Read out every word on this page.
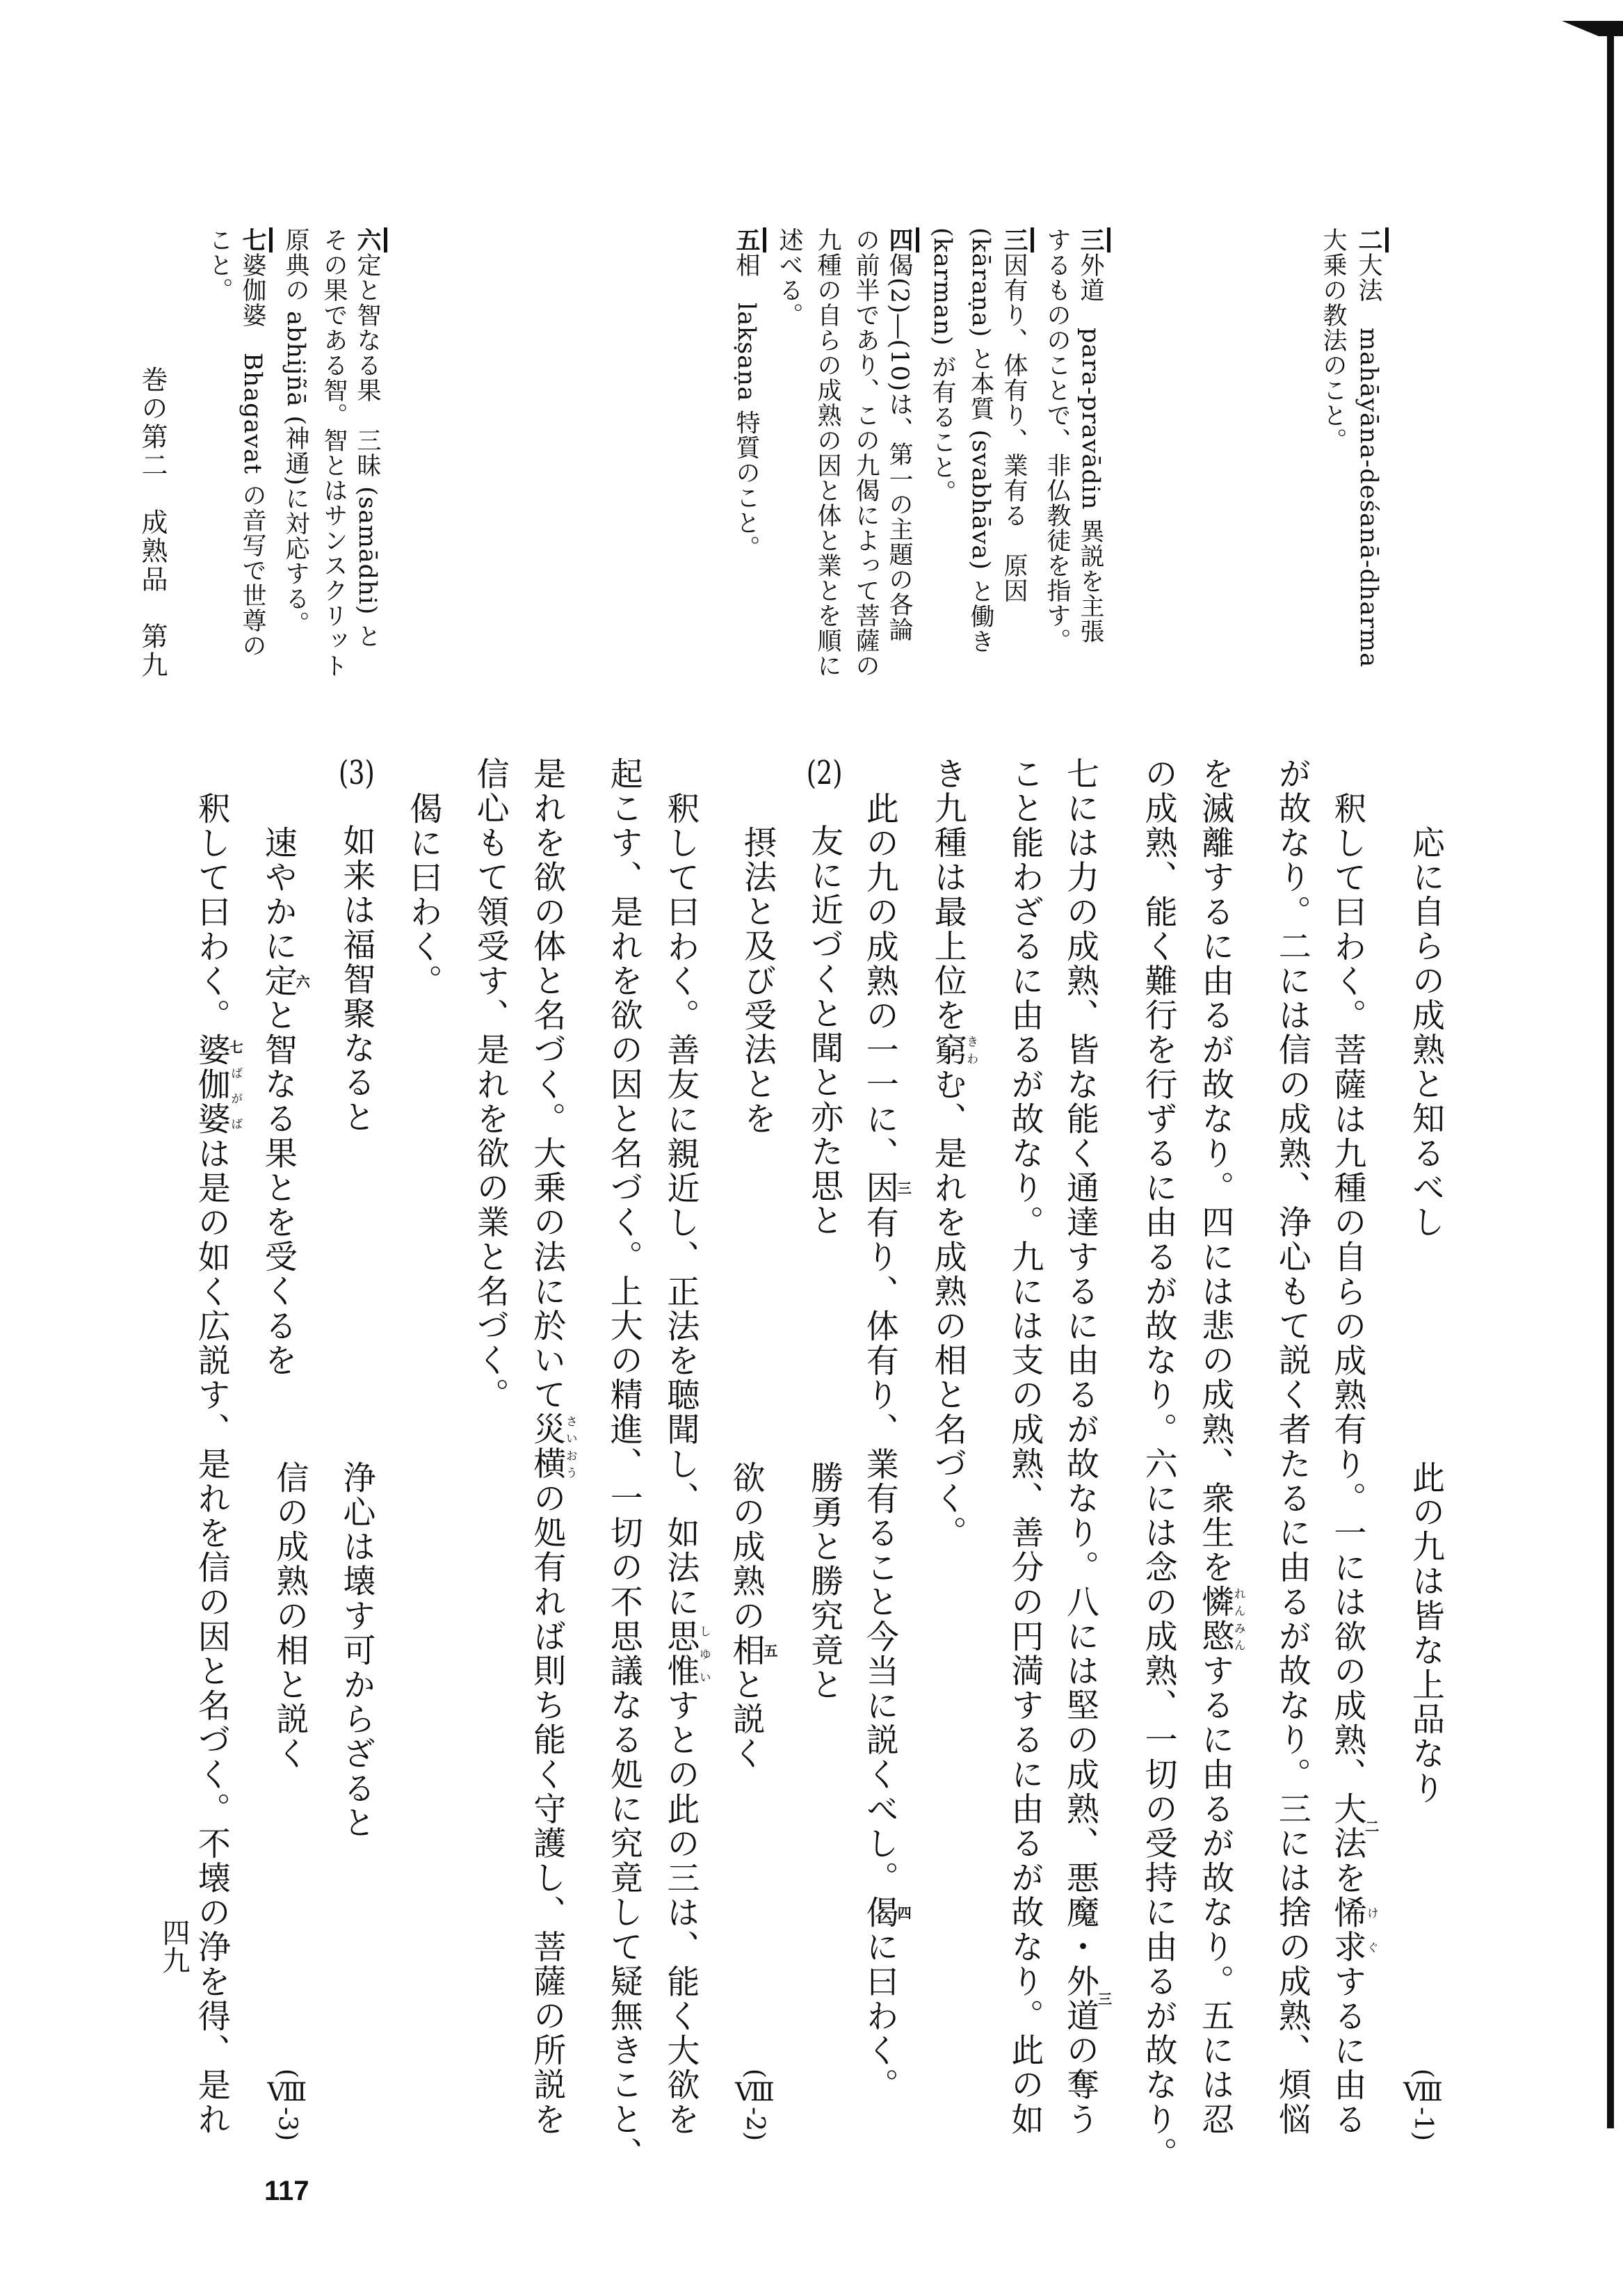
二大法　mahāyāna-deśanā-dharma
大乗の教法のこと。
三外道　para-pravādin 異説を主張
するもののことで、非仏教徒を指す。
三因有り、体有り、業有る　原因
(kāraṇa) と本質 (svabhāva) と働き
(karman) が有ること。
四偈(2)―(10)は、第一の主題の各論
の前半であり、この九偈によって菩薩の
九種の自らの成熟の因と体と業とを順に
述べる。
五相　lakṣaṇa 特質のこと。
六定と智なる果　三昧 (samādhi) と
その果である智。智とはサンスクリット
原典の abhijñā (神通)に対応する。
七婆伽婆　Bhagavat の音写で世尊の
こと。
巻の第二　成熟品　第九
応に自らの成熟と知るべし
此の九は皆な上品なり
(Ⅷ-1)
釈して曰わく。菩薩は九種の自らの成熟有り。一には欲の成熟、大法二を悕求けぐするに由る
が故なり。二には信の成熟、浄心もて説く者たるに由るが故なり。三には捨の成熟、煩悩
を滅離するに由るが故なり。四には悲の成熟、衆生を憐愍れんみんするに由るが故なり。五には忍
の成熟、能く難行を行ずるに由るが故なり。六には念の成熟、一切の受持に由るが故なり。
七には力の成熟、皆な能く通達するに由るが故なり。八には堅の成熟、悪魔・外道三の奪う
こと能わざるに由るが故なり。九には支の成熟、善分の円満するに由るが故なり。此の如
き九種は最上位を窮きわむ、是れを成熟の相と名づく。
此の九の成熟の一一に、因三有り、体有り、業有ること今当に説くべし。偈四に曰わく。
(2)　友に近づくと聞と亦た思と
勝勇と勝究竟と
摂法と及び受法とを
欲の成熟の相五と説く
(Ⅷ-2)
釈して曰わく。善友に親近し、正法を聴聞し、如法に思惟しゆいすとの此の三は、能く大欲を
起こす、是れを欲の因と名づく。上大の精進、一切の不思議なる処に究竟して疑無きこと、
是れを欲の体と名づく。大乗の法に於いて災横さいおうの処有れば則ち能く守護し、菩薩の所説を
信心もて領受す、是れを欲の業と名づく。
偈に曰わく。
(3)　如来は福智聚なると
浄心は壊す可からざると
速やかに定六と智なる果とを受くるを
信の成熟の相と説く
(Ⅷ-3)
釈して曰わく。婆伽婆七ばがばは是の如く広説す、是れを信の因と名づく。不壊の浄を得、是れ
四九
117
